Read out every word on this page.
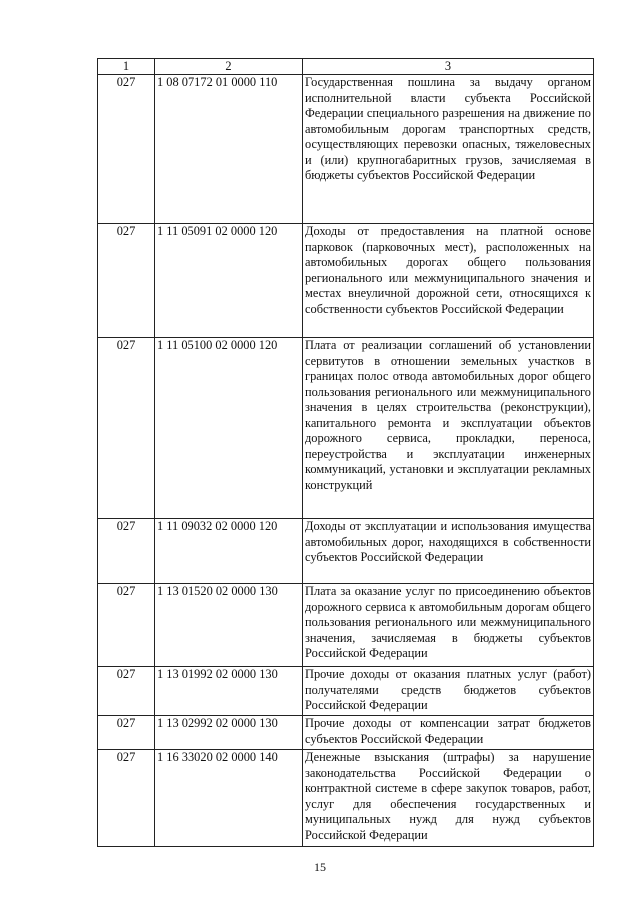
1	2	3
027	1 08 07172 01 0000 110	Государственная пошлина за выдачу органом исполнительной власти субъекта Российской Федерации специального разрешения на движение по автомобильным дорогам транспортных средств, осуществляющих перевозки опасных, тяжеловесных и (или) крупногабаритных грузов, зачисляемая в бюджеты субъектов Российской Федерации
027	1 11 05091 02 0000 120	Доходы от предоставления на платной основе парковок (парковочных мест), расположенных на автомобильных дорогах общего пользования регионального или межмуниципального значения и местах внеуличной дорожной сети, относящихся к собственности субъектов Российской Федерации
027	1 11 05100 02 0000 120	Плата от реализации соглашений об установлении сервитутов в отношении земельных участков в границах полос отвода автомобильных дорог общего пользования регионального или межмуниципального значения в целях строительства (реконструкции), капитального ремонта и эксплуатации объектов дорожного сервиса, прокладки, переноса, переустройства и эксплуатации инженерных коммуникаций, установки и эксплуатации рекламных конструкций
027	1 11 09032 02 0000 120	Доходы от эксплуатации и использования имущества автомобильных дорог, находящихся в собственности субъектов Российской Федерации
027	1 13 01520 02 0000 130	Плата за оказание услуг по присоединению объектов дорожного сервиса к автомобильным дорогам общего пользования регионального или межмуниципального значения, зачисляемая в бюджеты субъектов Российской Федерации
027	1 13 01992 02 0000 130	Прочие доходы от оказания платных услуг (работ) получателями средств бюджетов субъектов Российской Федерации
027	1 13 02992 02 0000 130	Прочие доходы от компенсации затрат бюджетов субъектов Российской Федерации
027	1 16 33020 02 0000 140	Денежные взыскания (штрафы) за нарушение законодательства Российской Федерации о контрактной системе в сфере закупок товаров, работ, услуг для обеспечения государственных и муниципальных нужд для нужд субъектов Российской Федерации
15
